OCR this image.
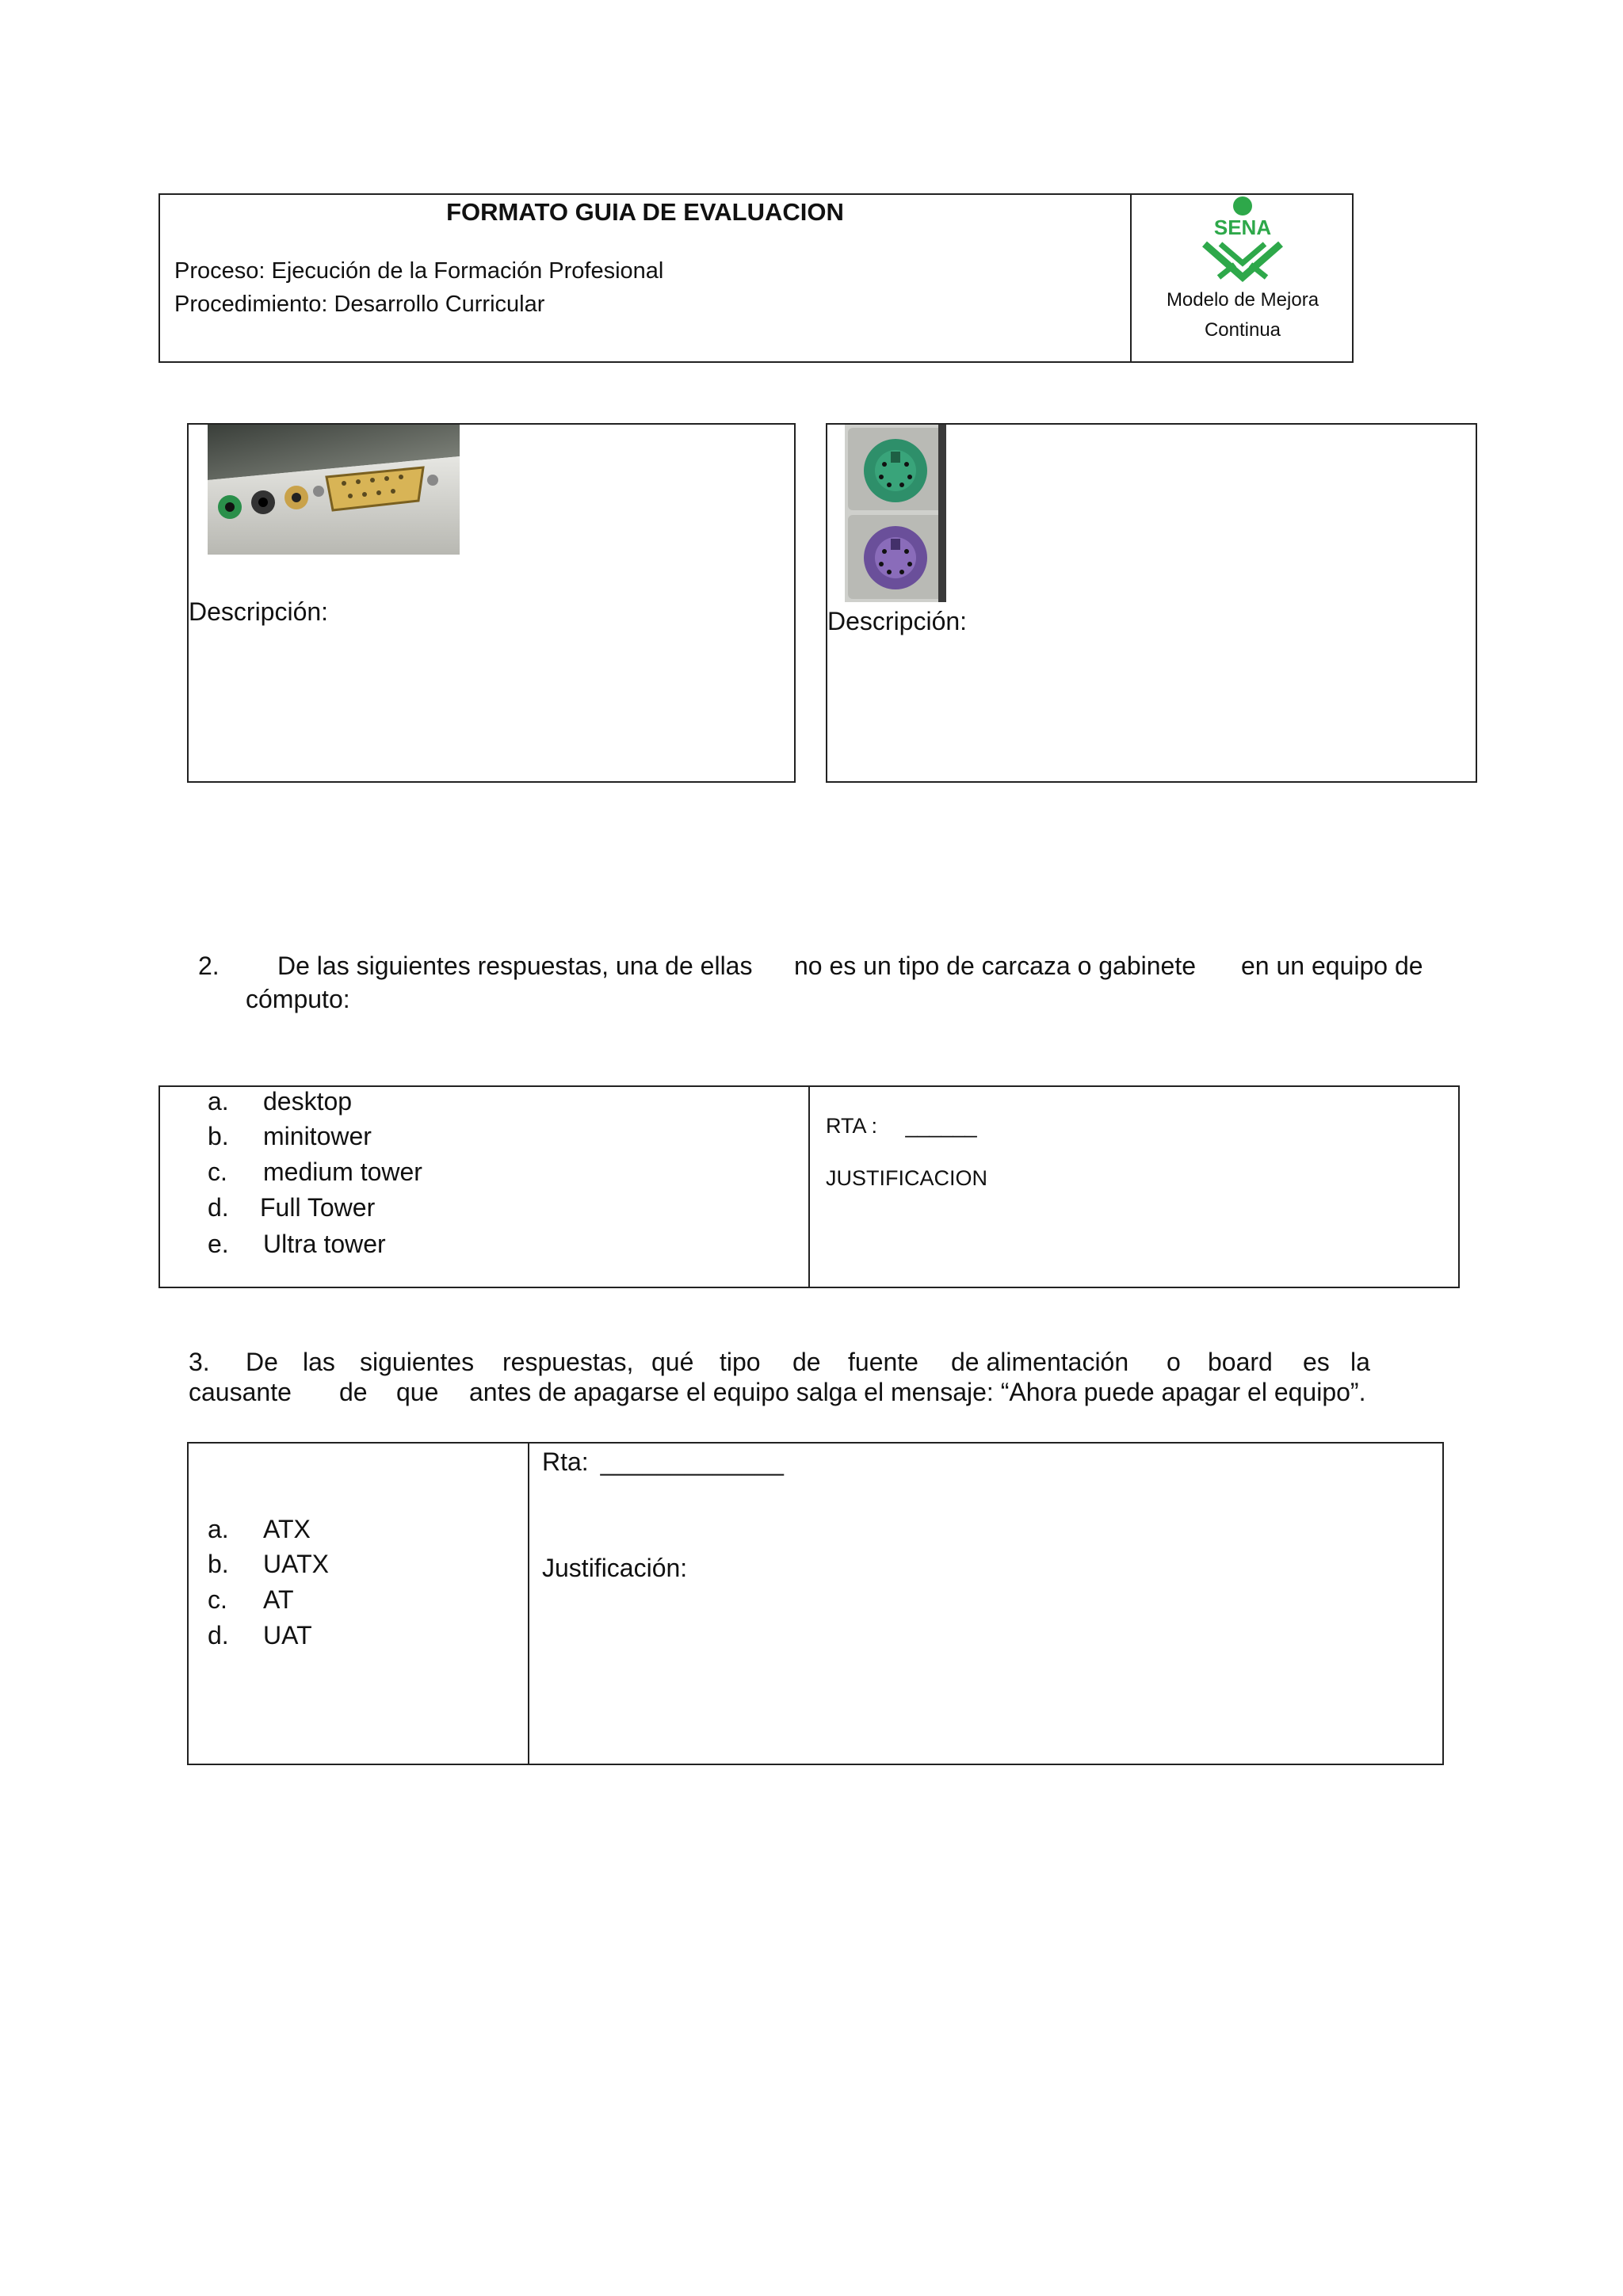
FORMATO GUIA DE EVALUACION
Proceso: Ejecución de la Formación Profesional
Procedimiento: Desarrollo Curricular
SENA
Modelo de Mejora
Continua
Descripción:	Descripción:
2. De las siguientes respuestas, una de ellas no es un tipo de carcaza o gabinete en un equipo de
cómputo:
a. desktop
b. minitower
c. medium tower
d. Full Tower
e. Ultra tower
RTA : ______
JUSTIFICACION
3. De las siguientes respuestas, qué tipo de fuente de alimentación o board es la
causante de que antes de apagarse el equipo salga el mensaje: “Ahora puede apagar el equipo”.
a. ATX
b. UATX
c. AT
d. UAT
Rta: _____________
Justificación:
